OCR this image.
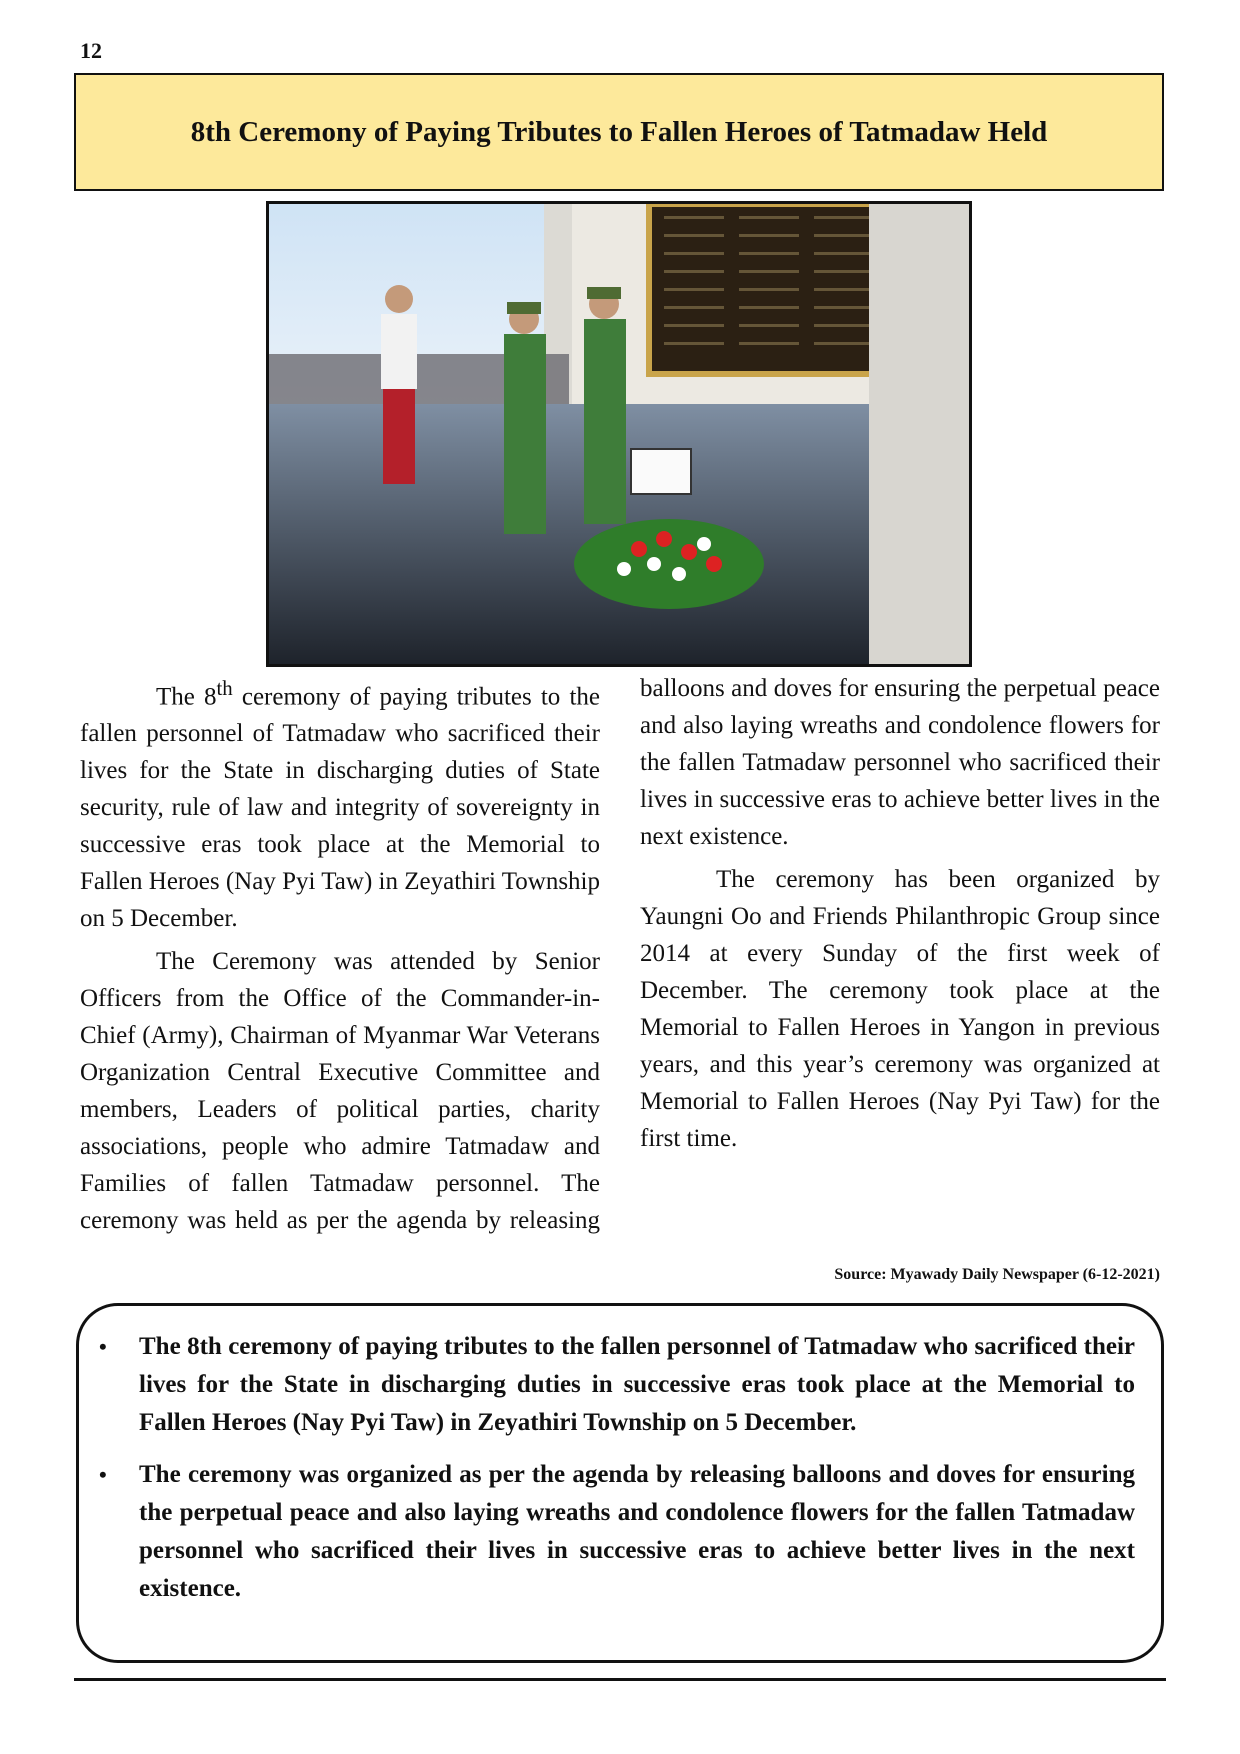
12
8th Ceremony of Paying Tributes to Fallen Heroes of Tatmadaw Held

The 8th ceremony of paying tributes to the fallen personnel of Tatmadaw who sacrificed their lives for the State in discharging duties of State security, rule of law and integrity of sovereignty in successive eras took place at the Memorial to Fallen Heroes (Nay Pyi Taw) in Zeyathiri Township on 5 December.

The Ceremony was attended by Senior Officers from the Office of the Commander-in-Chief (Army), Chairman of Myanmar War Veterans Organization Central Executive Committee and members, Leaders of political parties, charity associations, people who admire Tatmadaw and Families of fallen Tatmadaw personnel. The ceremony was held as per the agenda by releasing balloons and doves for ensuring the perpetual peace and also laying wreaths and condolence flowers for the fallen Tatmadaw personnel who sacrificed their lives in successive eras to achieve better lives in the next existence.

The ceremony has been organized by Yaungni Oo and Friends Philanthropic Group since 2014 at every Sunday of the first week of December. The ceremony took place at the Memorial to Fallen Heroes in Yangon in previous years, and this year’s ceremony was organized at Memorial to Fallen Heroes (Nay Pyi Taw) for the first time.

Source: Myawady Daily Newspaper (6-12-2021)
• The 8th ceremony of paying tributes to the fallen personnel of Tatmadaw who sacrificed their lives for the State in discharging duties in successive eras took place at the Memorial to Fallen Heroes (Nay Pyi Taw) in Zeyathiri Township on 5 December.
• The ceremony was organized as per the agenda by releasing balloons and doves for ensuring the perpetual peace and also laying wreaths and condolence flowers for the fallen Tatmadaw personnel who sacrificed their lives in successive eras to achieve better lives in the next existence.
